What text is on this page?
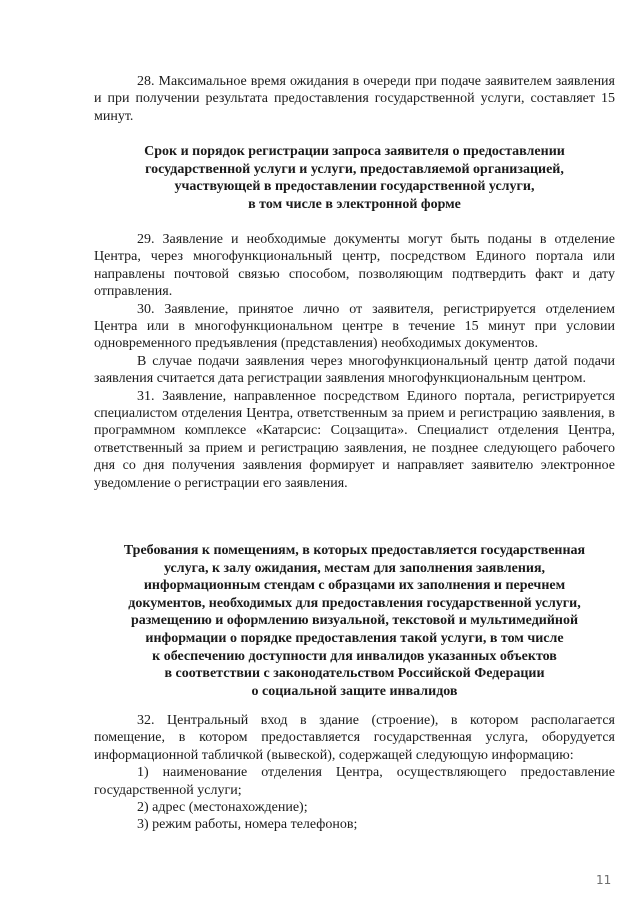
28. Максимальное время ожидания в очереди при подаче заявителем заявления и при получении результата предоставления государственной услуги, составляет 15 минут.

Срок и порядок регистрации запроса заявителя о предоставлении
государственной услуги и услуги, предоставляемой организацией,
участвующей в предоставлении государственной услуги,
в том числе в электронной форме

29. Заявление и необходимые документы могут быть поданы в отделение Центра, через многофункциональный центр, посредством Единого портала или направлены почтовой связью способом, позволяющим подтвердить факт и дату отправления.

30. Заявление, принятое лично от заявителя, регистрируется отделением Центра или в многофункциональном центре в течение 15 минут при условии одновременного предъявления (представления) необходимых документов.

В случае подачи заявления через многофункциональный центр датой подачи заявления считается дата регистрации заявления многофункциональным центром.

31. Заявление, направленное посредством Единого портала, регистрируется специалистом отделения Центра, ответственным за прием и регистрацию заявления, в программном комплексе «Катарсис: Соцзащита». Специалист отделения Центра, ответственный за прием и регистрацию заявления, не позднее следующего рабочего дня со дня получения заявления формирует и направляет заявителю электронное уведомление о регистрации его заявления.

Требования к помещениям, в которых предоставляется государственная
услуга, к залу ожидания, местам для заполнения заявления,
информационным стендам с образцами их заполнения и перечнем
документов, необходимых для предоставления государственной услуги,
размещению и оформлению визуальной, текстовой и мультимедийной
информации о порядке предоставления такой услуги, в том числе
к обеспечению доступности для инвалидов указанных объектов
в соответствии с законодательством Российской Федерации
о социальной защите инвалидов

32. Центральный вход в здание (строение), в котором располагается помещение, в котором предоставляется государственная услуга, оборудуется информационной табличкой (вывеской), содержащей следующую информацию:

1) наименование отделения Центра, осуществляющего предоставление государственной услуги;

2) адрес (местонахождение);

3) режим работы, номера телефонов;

11
